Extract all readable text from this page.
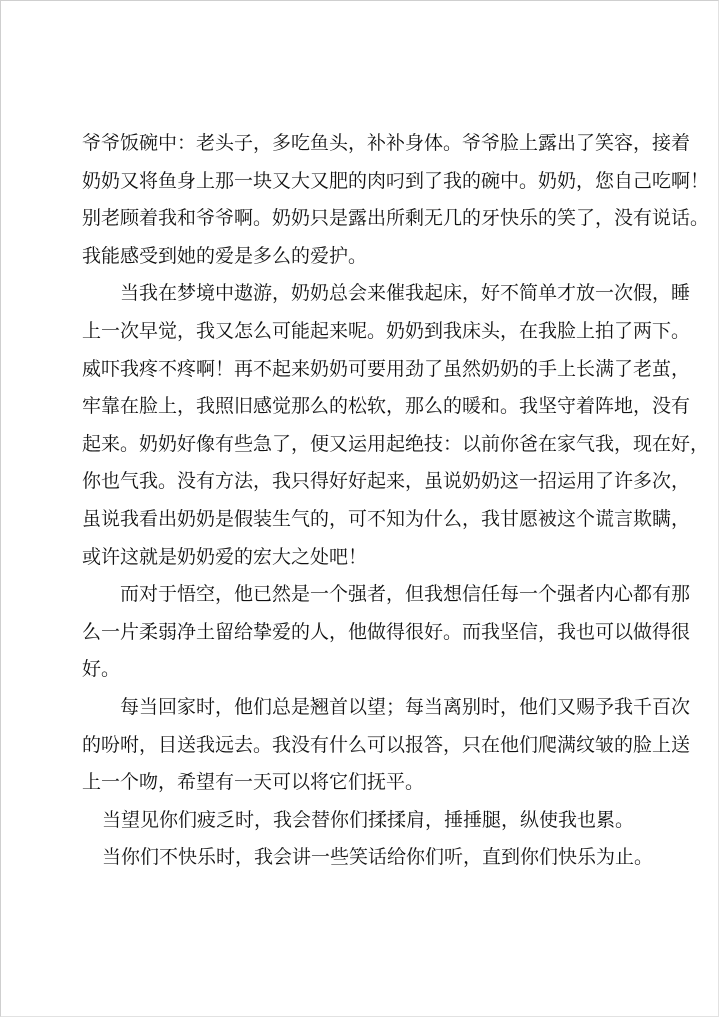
爷爷饭碗中：老头子，多吃鱼头，补补身体。爷爷脸上露出了笑容，接着
奶奶又将鱼身上那一块又大又肥的肉叼到了我的碗中。奶奶，您自己吃啊！
别老顾着我和爷爷啊。奶奶只是露出所剩无几的牙快乐的笑了，没有说话。
我能感受到她的爱是多么的爱护。
当我在梦境中遨游，奶奶总会来催我起床，好不简单才放一次假，睡
上一次早觉，我又怎么可能起来呢。奶奶到我床头，在我脸上拍了两下。
威吓我疼不疼啊！再不起来奶奶可要用劲了虽然奶奶的手上长满了老茧，
牢靠在脸上，我照旧感觉那么的松软，那么的暖和。我坚守着阵地，没有
起来。奶奶好像有些急了，便又运用起绝技：以前你爸在家气我，现在好，
你也气我。没有方法，我只得好好起来，虽说奶奶这一招运用了许多次，
虽说我看出奶奶是假装生气的，可不知为什么，我甘愿被这个谎言欺瞒，
或许这就是奶奶爱的宏大之处吧！
而对于悟空，他已然是一个强者，但我想信任每一个强者内心都有那
么一片柔弱净土留给挚爱的人，他做得很好。而我坚信，我也可以做得很
好。
每当回家时，他们总是翘首以望；每当离别时，他们又赐予我千百次
的吩咐，目送我远去。我没有什么可以报答，只在他们爬满纹皱的脸上送
上一个吻，希望有一天可以将它们抚平。
当望见你们疲乏时，我会替你们揉揉肩，捶捶腿，纵使我也累。
当你们不快乐时，我会讲一些笑话给你们听，直到你们快乐为止。
